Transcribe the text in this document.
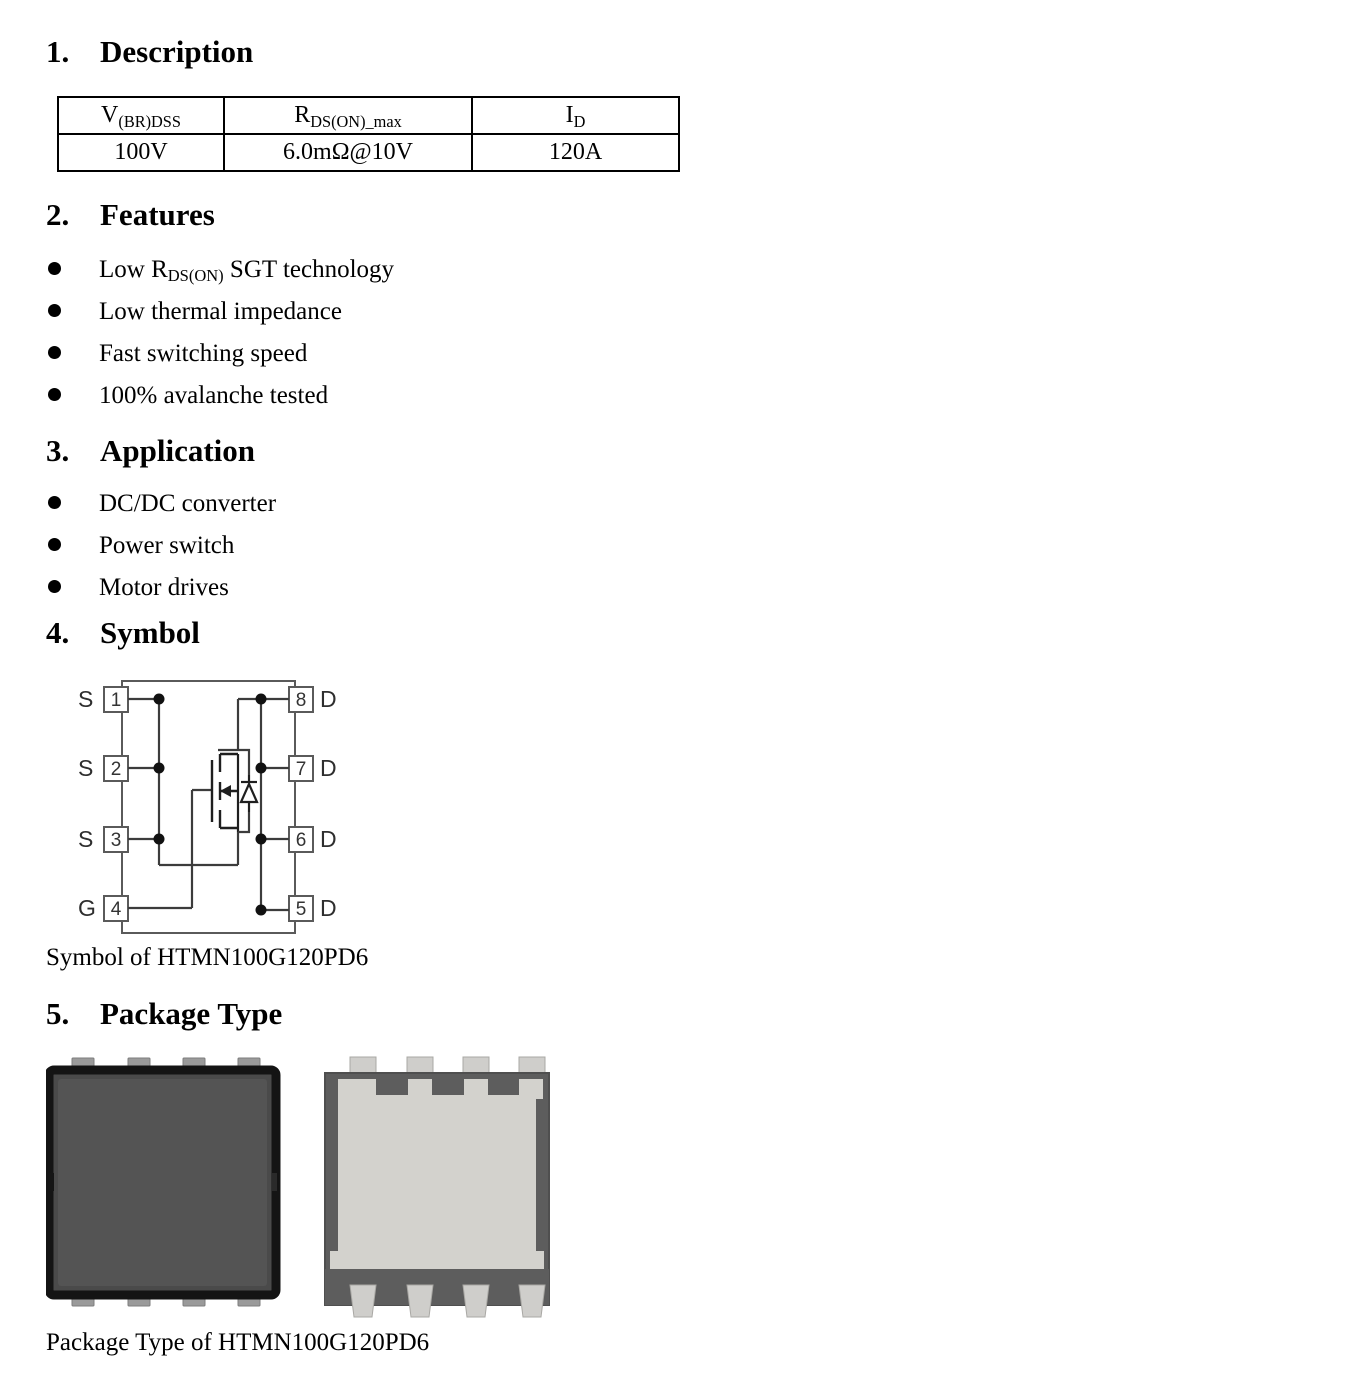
1. Description
$V_{(BR)DSS}$	$R_{DS(ON)\_max}$	$I_D$
100V	6.0mΩ@10V	120A
2. Features
Low $R_{DS(ON)}$ SGT technology
Low thermal impedance
Fast switching speed
100% avalanche tested
3. Application
DC/DC converter
Power switch
Motor drives
4. Symbol
1
2
3
4
8
7
6
5
S
S
S
G
D
D
D
D
Symbol of HTMN100G120PD6
5. Package Type
Package Type of HTMN100G120PD6
